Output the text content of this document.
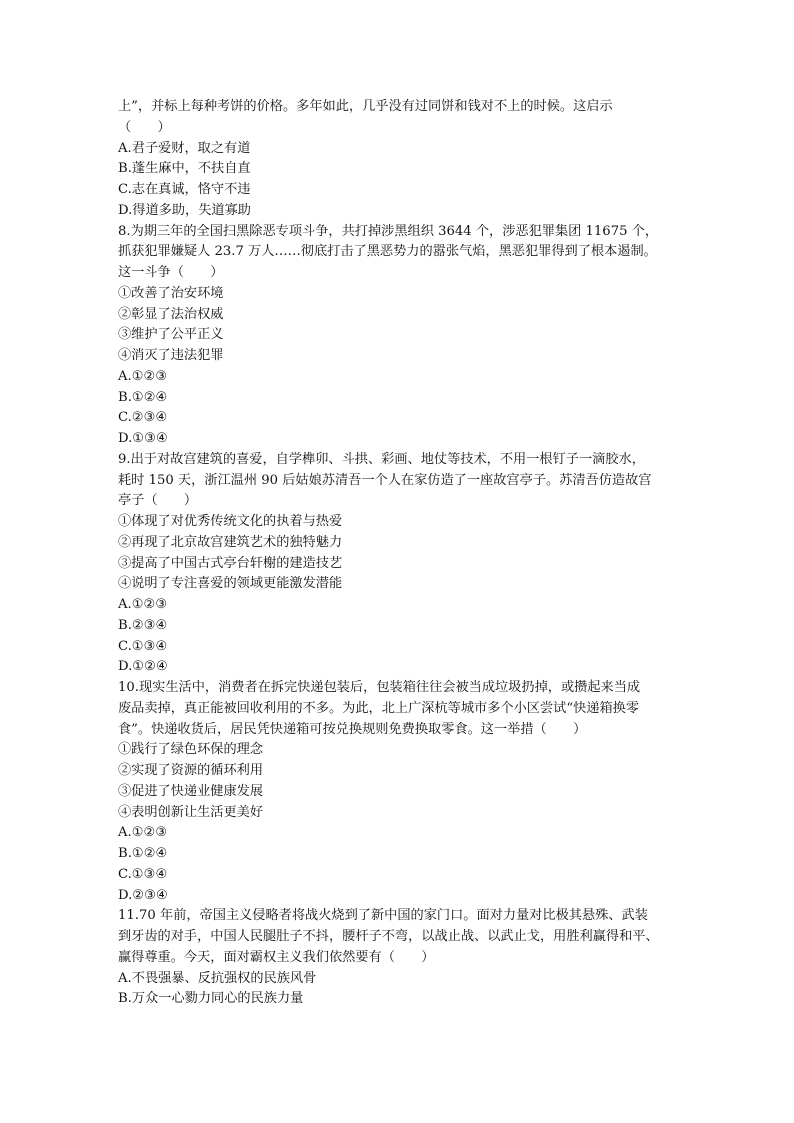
上”，并标上每种考饼的价格。多年如此，几乎没有过同饼和钱对不上的时候。这启示
（　　）
A.君子爱财，取之有道
B.蓬生麻中，不扶自直
C.志在真诚，恪守不违
D.得道多助，失道寡助
8.为期三年的全国扫黑除恶专项斗争，共打掉涉黑组织 3644 个，涉恶犯罪集团 11675 个，
抓获犯罪嫌疑人 23.7 万人……彻底打击了黑恶势力的嚣张气焰，黑恶犯罪得到了根本遏制。
这一斗争（　　）
①改善了治安环境
②彰显了法治权威
③维护了公平正义
④消灭了违法犯罪
A.①②③
B.①②④
C.②③④
D.①③④
9.出于对故宫建筑的喜爱，自学榫卯、斗拱、彩画、地仗等技术，不用一根钉子一滴胶水，
耗时 150 天，浙江温州 90 后姑娘苏清吾一个人在家仿造了一座故宫亭子。苏清吾仿造故宫
亭子（　　）
①体现了对优秀传统文化的执着与热爱
②再现了北京故宫建筑艺术的独特魅力
③提高了中国古式亭台轩榭的建造技艺
④说明了专注喜爱的领域更能激发潜能
A.①②③
B.②③④
C.①③④
D.①②④
10.现实生活中，消费者在拆完快递包装后，包装箱往往会被当成垃圾扔掉，或攒起来当成
废品卖掉，真正能被回收利用的不多。为此，北上广深杭等城市多个小区尝试“快递箱换零
食”。快递收货后，居民凭快递箱可按兑换规则免费换取零食。这一举措（　　）
①践行了绿色环保的理念
②实现了资源的循环利用
③促进了快递业健康发展
④表明创新让生活更美好
A.①②③
B.①②④
C.①③④
D.②③④
11.70 年前，帝国主义侵略者将战火烧到了新中国的家门口。面对力量对比极其悬殊、武装
到牙齿的对手，中国人民腿肚子不抖，腰杆子不弯，以战止战、以武止戈，用胜利赢得和平、
赢得尊重。今天，面对霸权主义我们依然要有（　　）
A.不畏强暴、反抗强权的民族风骨
B.万众一心勠力同心的民族力量
